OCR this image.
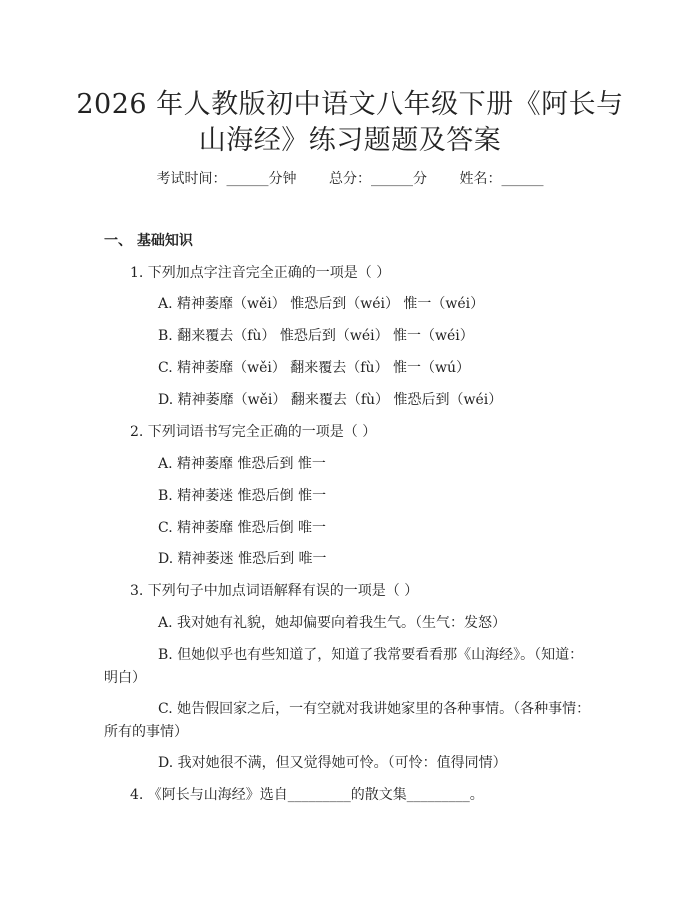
2026 年人教版初中语文八年级下册《阿长与
山海经》练习题题及答案
考试时间：______分钟 总分：______分 姓名：______
一、 基础知识
1. 下列加点字注音完全正确的一项是（ ）
A. 精神萎靡（wěi） 惟恐后到（wéi） 惟一（wéi）
B. 翻来覆去（fù） 惟恐后到（wéi） 惟一（wéi）
C. 精神萎靡（wěi） 翻来覆去（fù） 惟一（wú）
D. 精神萎靡（wěi） 翻来覆去（fù） 惟恐后到（wéi）
2. 下列词语书写完全正确的一项是（ ）
A. 精神萎靡 惟恐后到 惟一
B. 精神萎迷 惟恐后倒 惟一
C. 精神萎靡 惟恐后倒 唯一
D. 精神萎迷 惟恐后到 唯一
3. 下列句子中加点词语解释有误的一项是（ ）
A. 我对她有礼貌，她却偏要向着我生气。（生气：发怒）
B. 但她似乎也有些知道了，知道了我常要看看那《山海经》。（知道：
明白）
C. 她告假回家之后，一有空就对我讲她家里的各种事情。（各种事情：
所有的事情）
D. 我对她很不满，但又觉得她可怜。（可怜：值得同情）
4. 《阿长与山海经》选自_________的散文集_________。
